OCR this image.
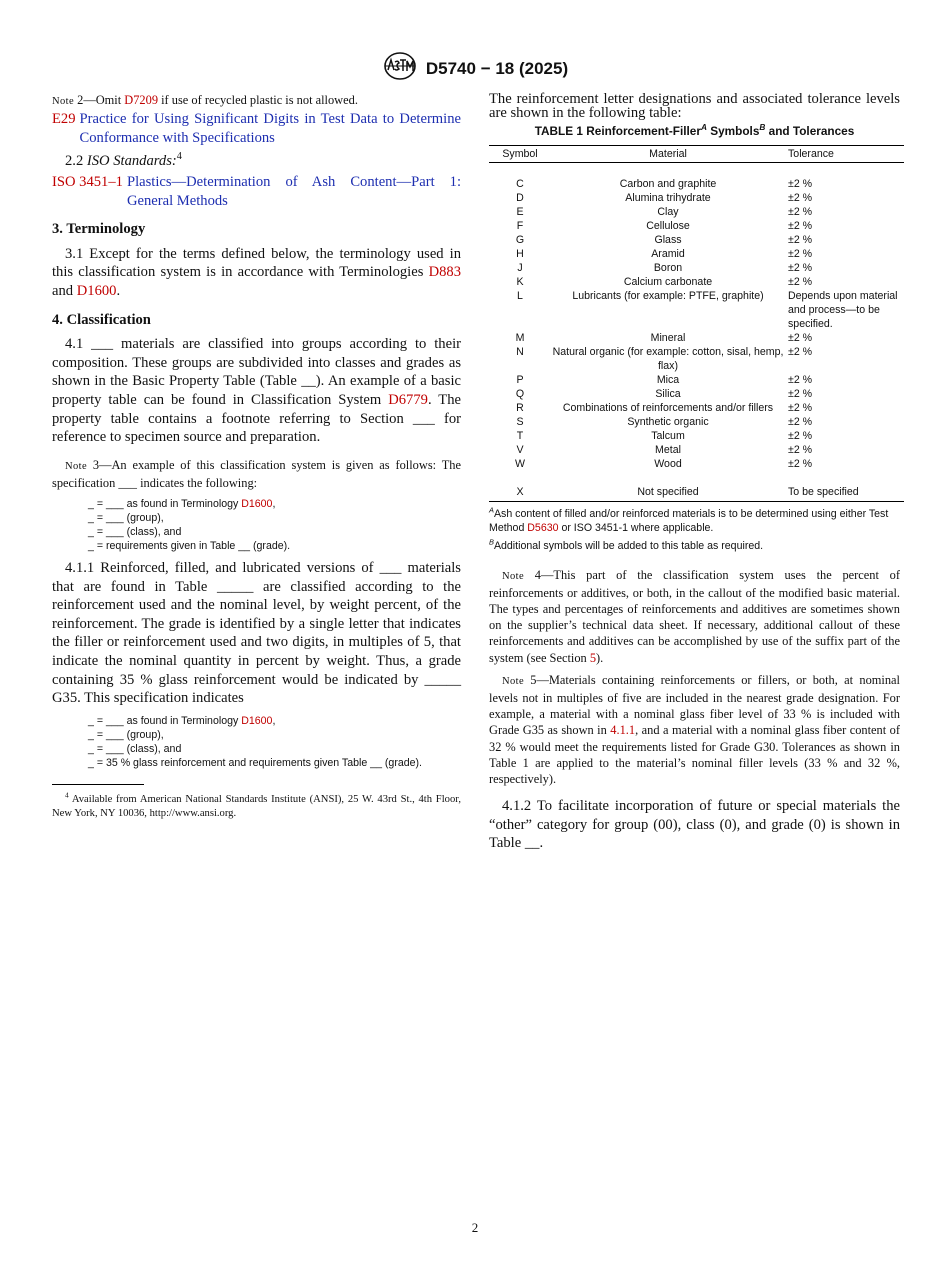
D5740 − 18 (2025)

Note 2—Omit D7209 if use of recycled plastic is not allowed.

E29 Practice for Using Significant Digits in Test Data to Determine Conformance with Specifications

2.2 ISO Standards:$^4$

ISO 3451–1 Plastics—Determination of Ash Content—Part 1: General Methods

3. Terminology

3.1 Except for the terms defined below, the terminology used in this classification system is in accordance with Terminologies D883 and D1600.

4. Classification

4.1 ___ materials are classified into groups according to their composition. These groups are subdivided into classes and grades as shown in the Basic Property Table (Table __). An example of a basic property table can be found in Classification System D6779. The property table contains a footnote referring to Section ___ for reference to specimen source and preparation.

Note 3—An example of this classification system is given as follows: The specification ___ indicates the following:

_ = ___ as found in Terminology D1600,
_ = ___ (group),
_ = ___ (class), and
_ = requirements given in Table __ (grade).

4.1.1 Reinforced, filled, and lubricated versions of ___ materials that are found in Table _____ are classified according to the reinforcement used and the nominal level, by weight percent, of the reinforcement. The grade is identified by a single letter that indicates the filler or reinforcement used and two digits, in multiples of 5, that indicate the nominal quantity in percent by weight. Thus, a grade containing 35 % glass reinforcement would be indicated by _____ G35. This specification indicates

_ = ___ as found in Terminology D1600,
_ = ___ (group),
_ = ___ (class), and
_ = 35 % glass reinforcement and requirements given Table __ (grade).

$^4$ Available from American National Standards Institute (ANSI), 25 W. 43rd St., 4th Floor, New York, NY 10036, http://www.ansi.org.

The reinforcement letter designations and associated tolerance levels are shown in the following table:

TABLE 1 Reinforcement-Filler$^A$ Symbols$^B$ and Tolerances
Symbol	Material	Tolerance

C	Carbon and graphite	±2 %
D	Alumina trihydrate	±2 %
E	Clay	±2 %
F	Cellulose	±2 %
G	Glass	±2 %
H	Aramid	±2 %
J	Boron	±2 %
K	Calcium carbonate	±2 %
L	Lubricants (for example: PTFE, graphite)	Depends upon material and process—to be specified.
M	Mineral	±2 %
N	Natural organic (for example: cotton, sisal, hemp, flax)	±2 %
P	Mica	±2 %
Q	Silica	±2 %
R	Combinations of reinforcements and/or fillers	±2 %
S	Synthetic organic	±2 %
T	Talcum	±2 %
V	Metal	±2 %
W	Wood	±2 %

X	Not specified	To be specified
$^A$Ash content of filled and/or reinforced materials is to be determined using either Test Method D5630 or ISO 3451-1 where applicable.
$^B$Additional symbols will be added to this table as required.

Note 4—This part of the classification system uses the percent of reinforcements or additives, or both, in the callout of the modified basic material. The types and percentages of reinforcements and additives are sometimes shown on the supplier’s technical data sheet. If necessary, additional callout of these reinforcements and additives can be accomplished by use of the suffix part of the system (see Section 5).

Note 5—Materials containing reinforcements or fillers, or both, at nominal levels not in multiples of five are included in the nearest grade designation. For example, a material with a nominal glass fiber level of 33 % is included with Grade G35 as shown in 4.1.1, and a material with a nominal glass fiber content of 32 % would meet the requirements listed for Grade G30. Tolerances as shown in Table 1 are applied to the material’s nominal filler levels (33 % and 32 %, respectively).

4.1.2 To facilitate incorporation of future or special materials the “other” category for group (00), class (0), and grade (0) is shown in Table __.

2
